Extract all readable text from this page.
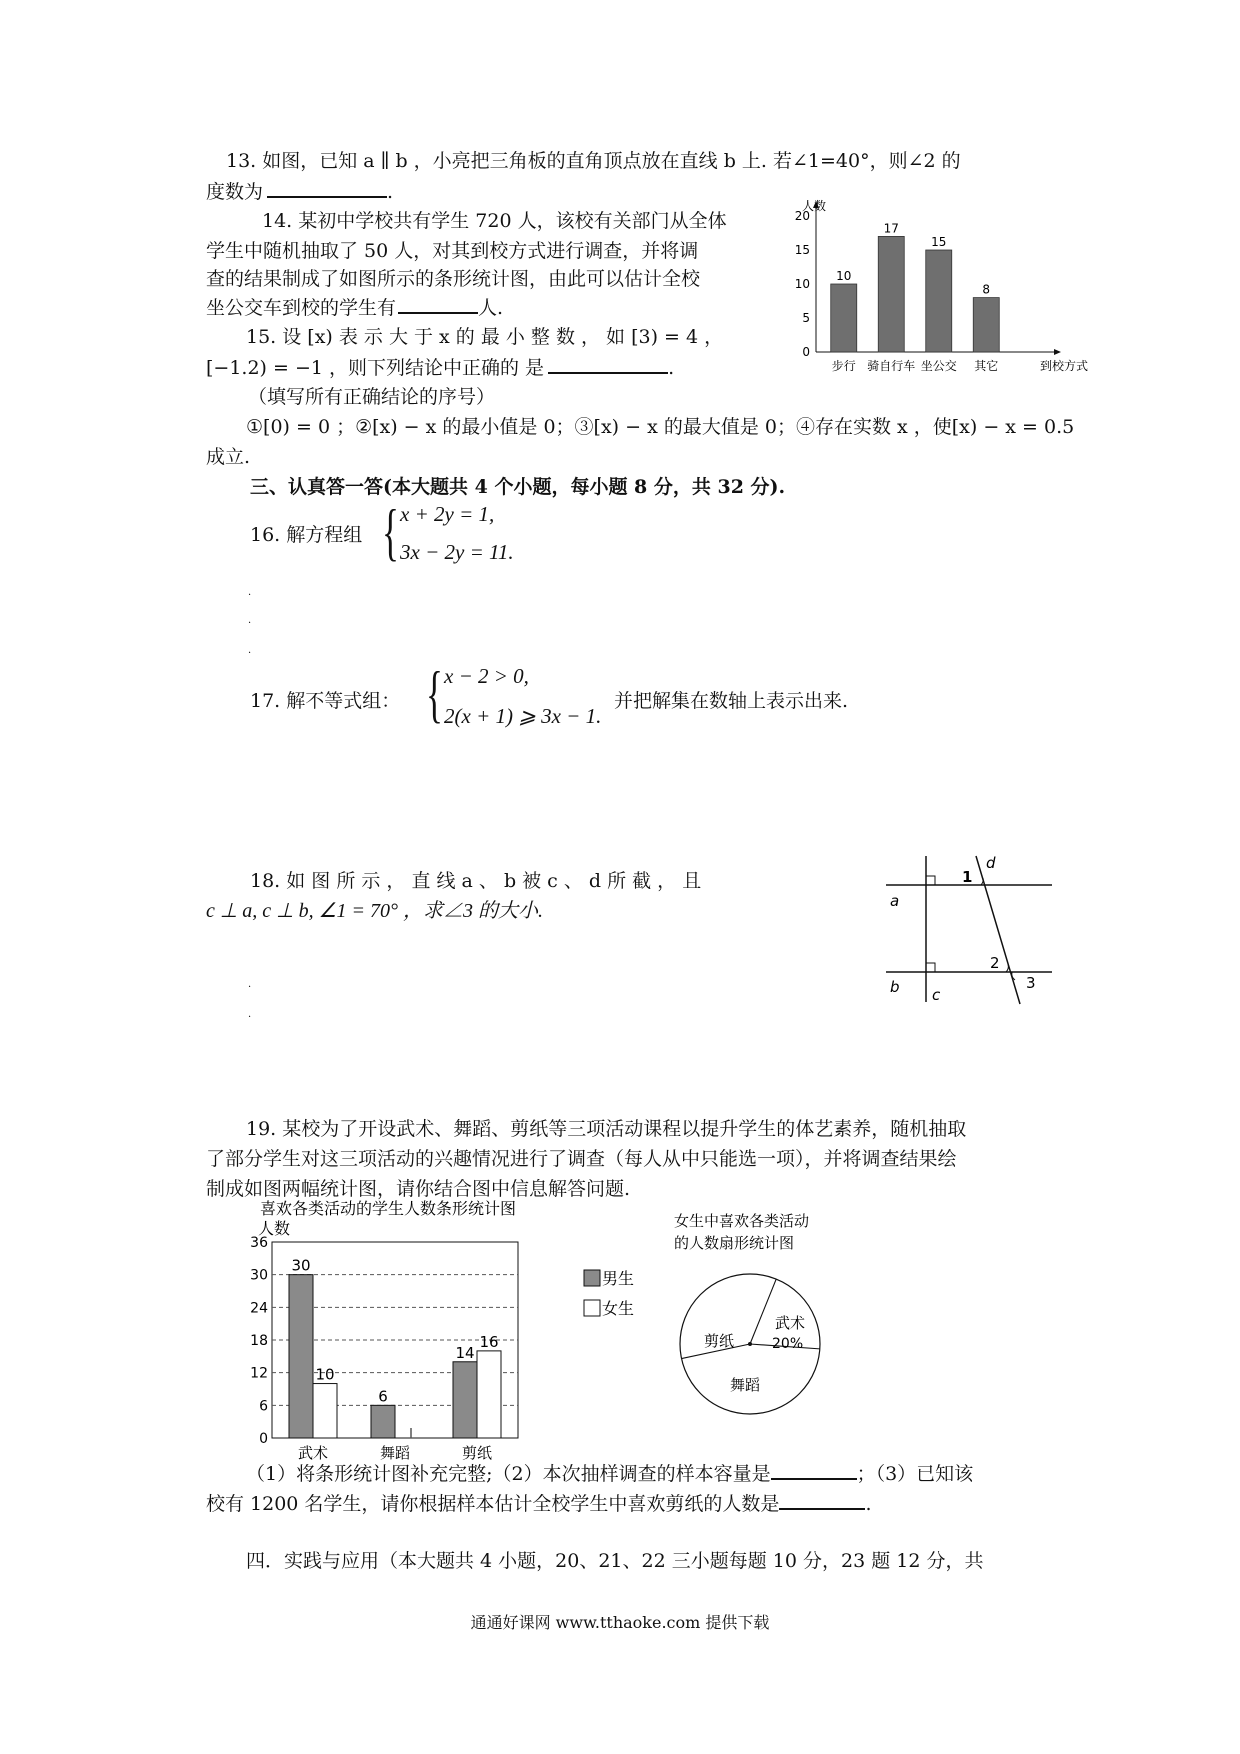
13. 如图，已知 a ∥ b ，小亮把三角板的直角顶点放在直线 b 上. 若∠1=40°，则∠2 的
度数为	.
14. 某初中学校共有学生 720 人，该校有关部门从全体
学生中随机抽取了 50 人，对其到校方式进行调查，并将调
查的结果制成了如图所示的条形统计图，由此可以估计全校
坐公交车到校的学生有	人.
15. 设 [x) 表 示 大 于 x 的 最 小 整 数 ， 如 [3) = 4 ，
[−1.2) = −1 ，则下列结论中正确的 是	.
（填写所有正确结论的序号）
①[0) = 0 ；②[x) − x 的最小值是 0；③[x) − x 的最大值是 0；④存在实数 x ，使[x) − x = 0.5
成立.
人数
到校方式
0
5
10
15
20
10
步行
17
骑自行车
15
坐公交
8
其它
三、认真答一答(本大题共 4 个小题，每小题 8 分，共 32 分).
16. 解方程组 { x + 2y = 1,
3x − 2y = 11.
·
·
·
17. 解不等式组： { x − 2 > 0,
2(x + 1) ⩾ 3x − 1.
并把解集在数轴上表示出来.
18. 如 图 所 示 ， 直 线 a 、 b 被 c 、 d 所 截 ， 且
c ⊥ a, c ⊥ b, ∠1 = 70° ，求∠3 的大小.
·
·
a
b c
d
1
2
3
19. 某校为了开设武术、舞蹈、剪纸等三项活动课程以提升学生的体艺素养，随机抽取
了部分学生对这三项活动的兴趣情况进行了调查（每人从中只能选一项），并将调查结果绘
制成如图两幅统计图，请你结合图中信息解答问题.
喜欢各类活动的学生人数条形统计图
人数
0
6
12
18
24
30
36
30
10
武术
6
舞蹈
14
16
剪纸
男生
女生
女生中喜欢各类活动
的人数扇形统计图
武术
20%
剪纸
舞蹈
（1）将条形统计图补充完整;（2）本次抽样调查的样本容量是	；（3）已知该
校有 1200 名学生，请你根据样本估计全校学生中喜欢剪纸的人数是	.
四．实践与应用（本大题共 4 小题，20、21、22 三小题每题 10 分，23 题 12 分，共
通通好课网 www.tthaoke.com 提供下载
